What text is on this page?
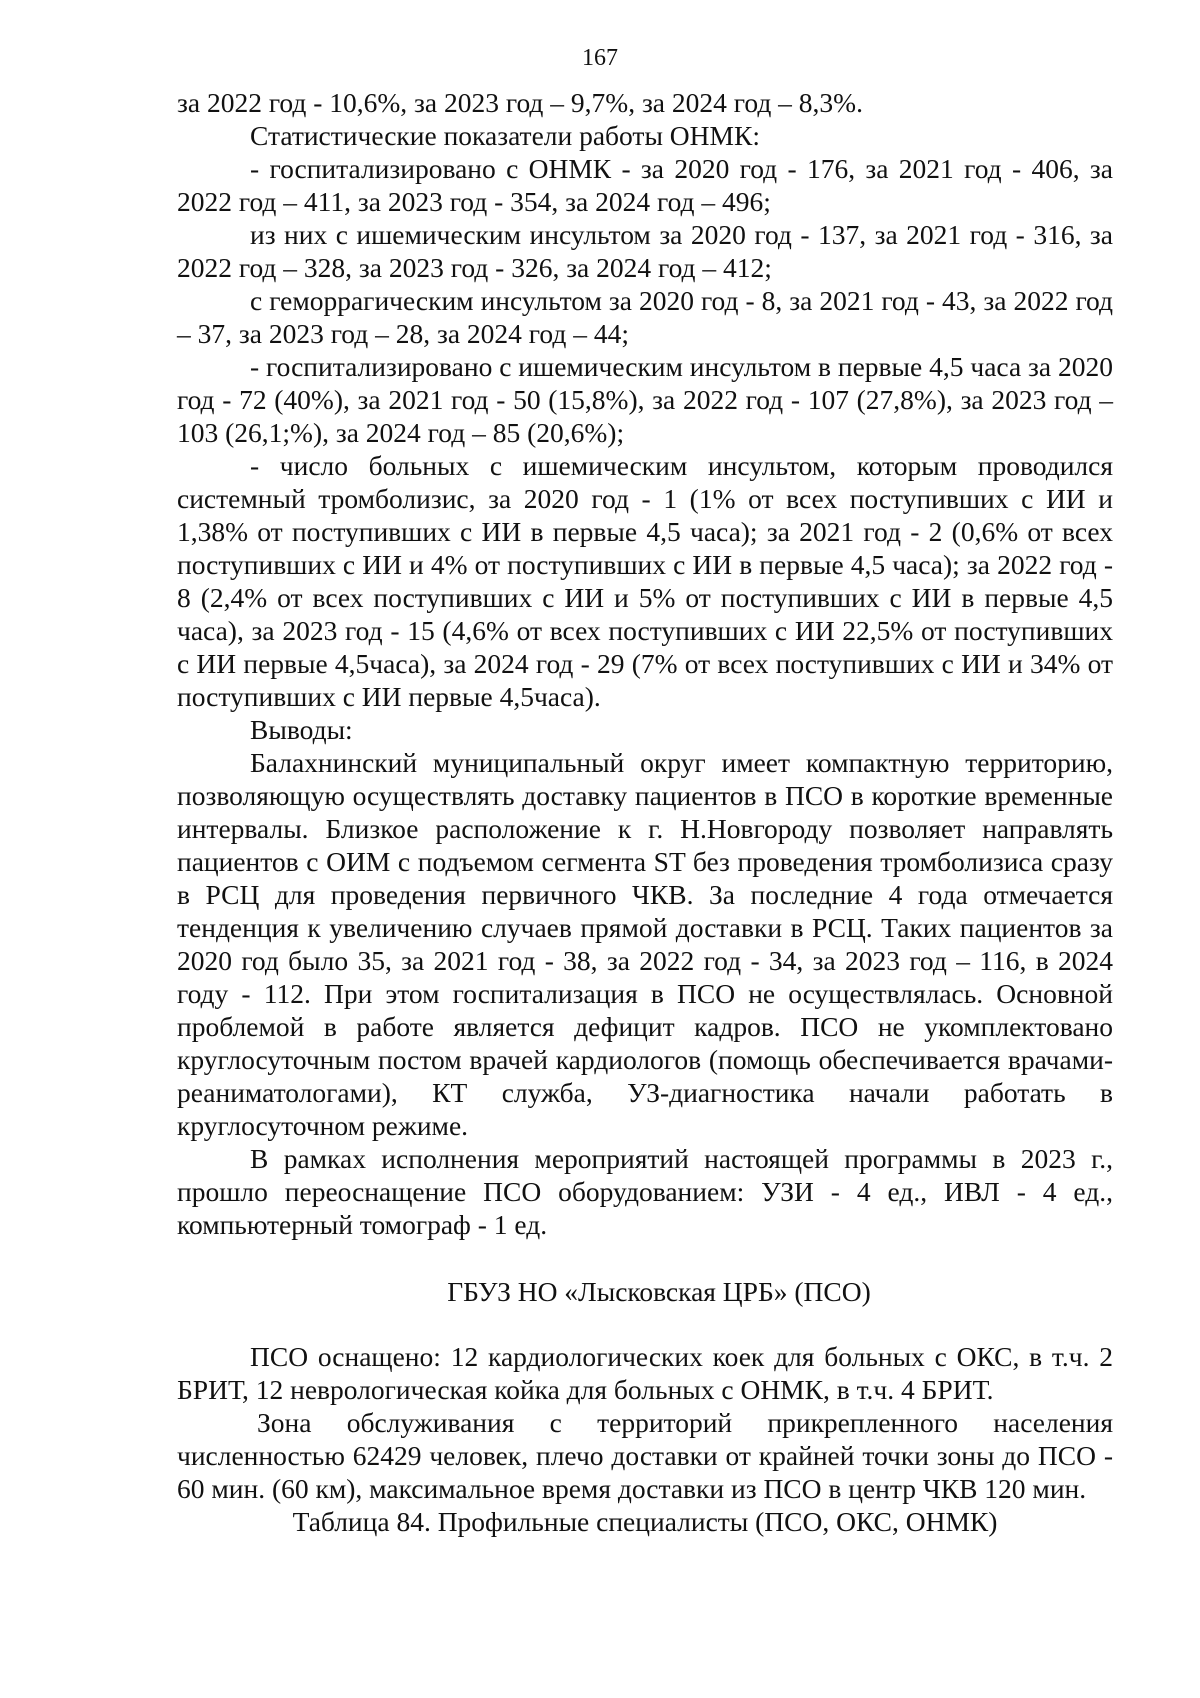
167

за 2022 год - 10,6%, за 2023 год – 9,7%, за 2024 год – 8,3%.

Статистические показатели работы ОНМК:

- госпитализировано с ОНМК - за 2020 год - 176, за 2021 год - 406, за 2022 год – 411, за 2023 год - 354, за 2024 год – 496;

из них с ишемическим инсультом за 2020 год - 137, за 2021 год - 316, за 2022 год – 328, за 2023 год - 326, за 2024 год – 412;

с геморрагическим инсультом за 2020 год - 8, за 2021 год - 43, за 2022 год – 37, за 2023 год – 28, за 2024 год – 44;

- госпитализировано с ишемическим инсультом в первые 4,5 часа за 2020 год - 72 (40%), за 2021 год - 50 (15,8%), за 2022 год - 107 (27,8%), за 2023 год – 103 (26,1;%), за 2024 год – 85 (20,6%);

- число больных с ишемическим инсультом, которым проводился системный тромболизис, за 2020 год - 1 (1% от всех поступивших с ИИ и 1,38% от поступивших с ИИ в первые 4,5 часа); за 2021 год - 2 (0,6% от всех поступивших с ИИ и 4% от поступивших с ИИ в первые 4,5 часа); за 2022 год - 8 (2,4% от всех поступивших с ИИ и 5% от поступивших с ИИ в первые 4,5 часа), за 2023 год - 15 (4,6% от всех поступивших с ИИ 22,5% от поступивших с ИИ первые 4,5часа), за 2024 год - 29 (7% от всех поступивших с ИИ и 34% от поступивших с ИИ первые 4,5часа).

Выводы:

Балахнинский муниципальный округ имеет компактную территорию, позволяющую осуществлять доставку пациентов в ПСО в короткие временные интервалы. Близкое расположение к г. Н.Новгороду позволяет направлять пациентов с ОИМ с подъемом сегмента ST без проведения тромболизиса сразу в РСЦ для проведения первичного ЧКВ. За последние 4 года отмечается тенденция к увеличению случаев прямой доставки в РСЦ. Таких пациентов за 2020 год было 35, за 2021 год - 38, за 2022 год - 34, за 2023 год – 116, в 2024 году - 112. При этом госпитализация в ПСО не осуществлялась. Основной проблемой в работе является дефицит кадров. ПСО не укомплектовано круглосуточным постом врачей кардиологов (помощь обеспечивается врачами-реаниматологами), КТ служба, УЗ-диагностика начали работать в круглосуточном режиме.

В рамках исполнения мероприятий настоящей программы в 2023 г., прошло переоснащение ПСО оборудованием: УЗИ - 4 ед., ИВЛ - 4 ед., компьютерный томограф - 1 ед.

ГБУЗ НО «Лысковская ЦРБ» (ПСО)

ПСО оснащено: 12 кардиологических коек для больных с ОКС, в т.ч. 2 БРИТ, 12 неврологическая койка для больных с ОНМК, в т.ч. 4 БРИТ.

Зона обслуживания с территорий прикрепленного населения численностью 62429 человек, плечо доставки от крайней точки зоны до ПСО - 60 мин. (60 км), максимальное время доставки из ПСО в центр ЧКВ 120 мин.

Таблица 84. Профильные специалисты (ПСО, ОКС, ОНМК)
